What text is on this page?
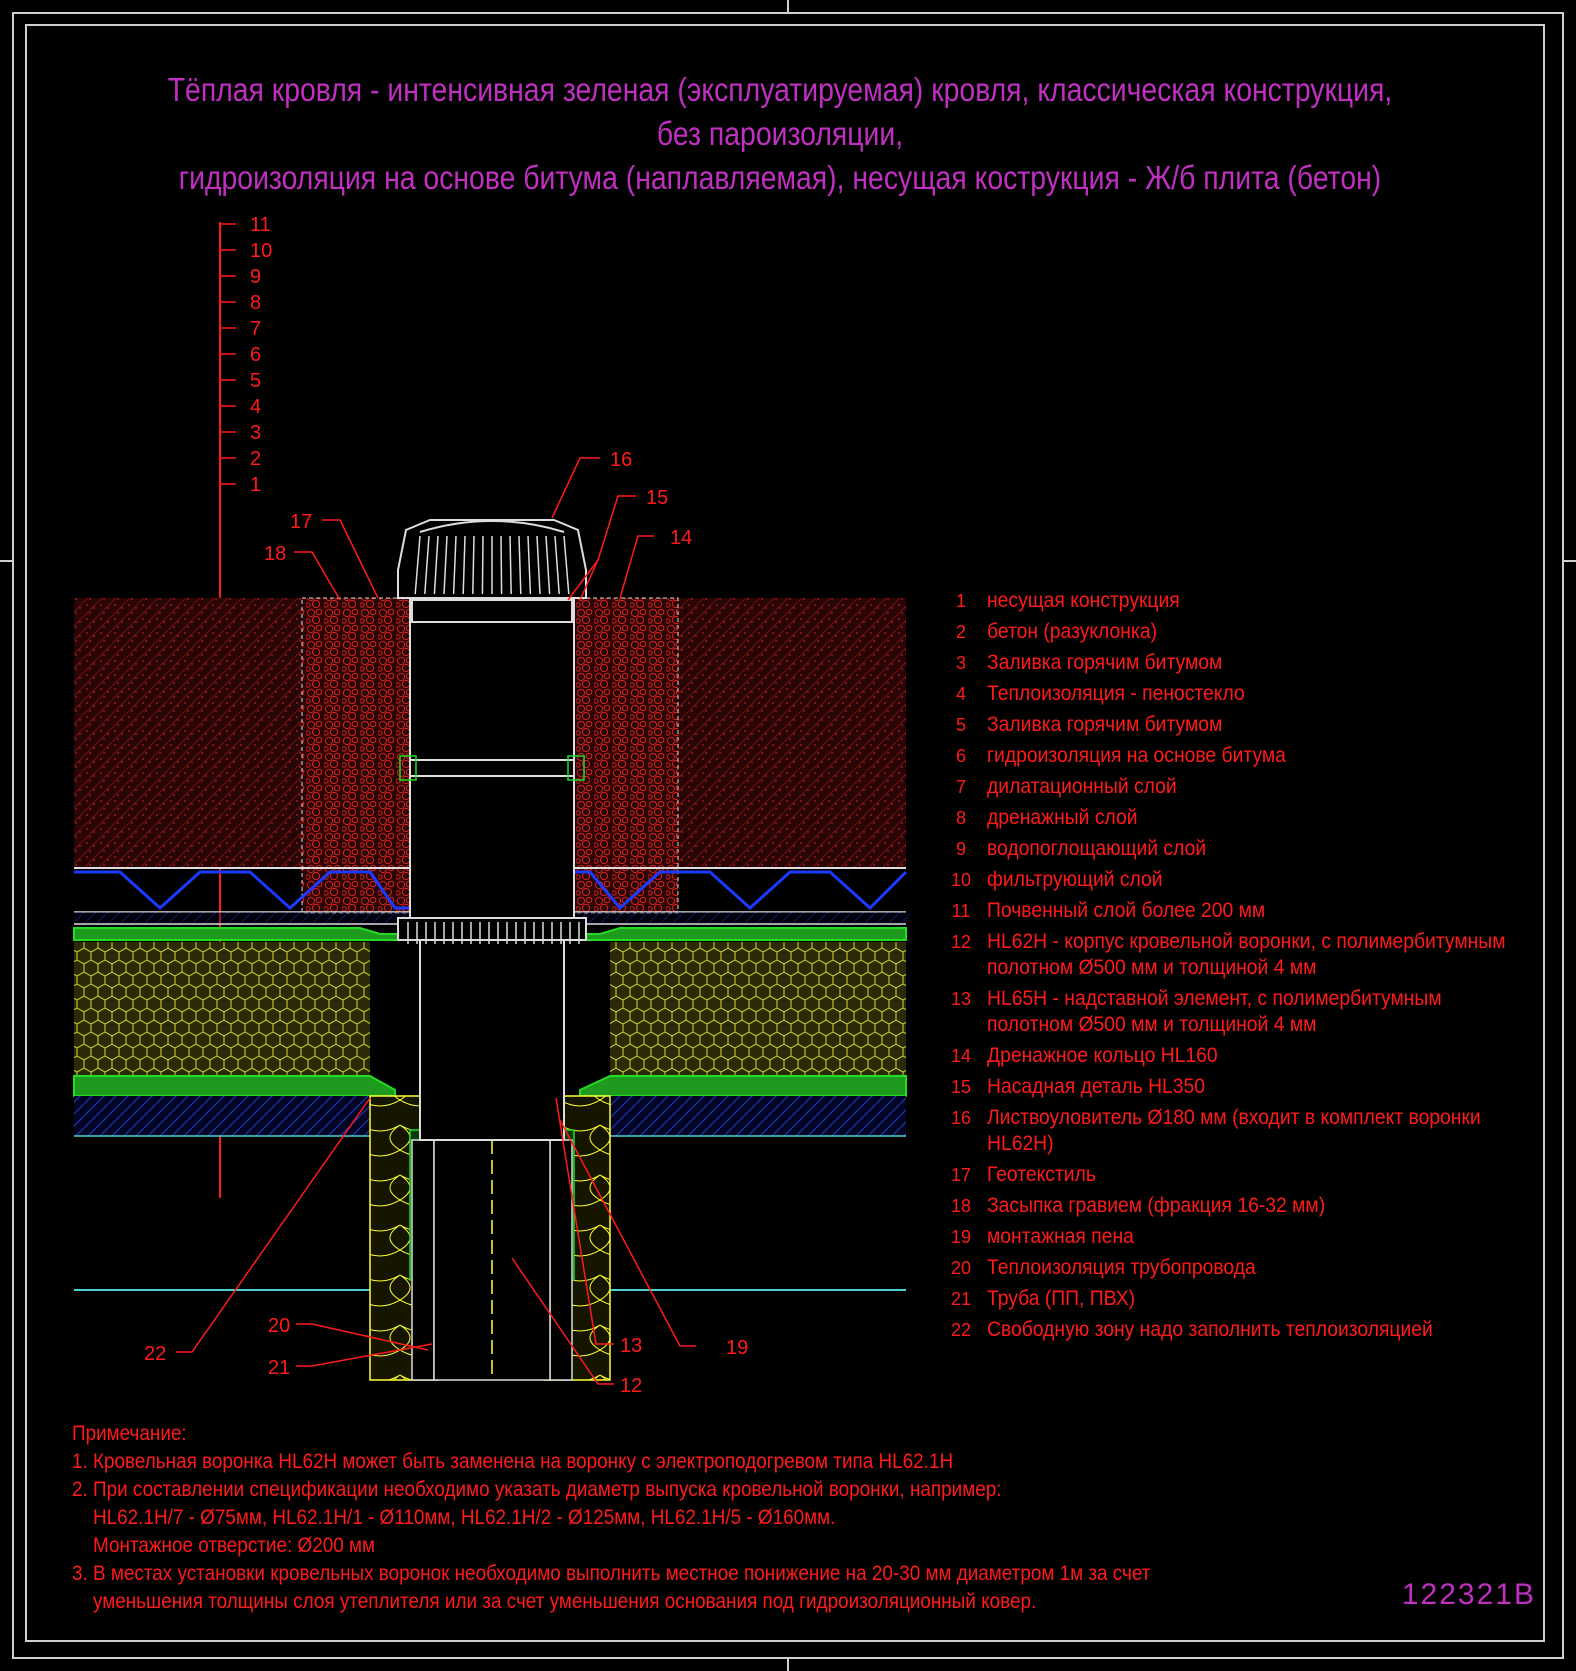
Тёплая кровля - интенсивная зеленая (эксплуатируемая) кровля, классическая конструкция, без пароизоляции,
гидроизоляция на основе битума (наплавляемая), несущая кострукция - Ж/б плита (бетон)
11
10
9
8
7
6
5
4
3
2
1
16
15
14
17
18
22
20
21
13
12
19
1	несущая конструкция
2	бетон (разуклонка)
3	Заливка горячим битумом
4	Теплоизоляция - пеностекло
5	Заливка горячим битумом
6	гидроизоляция на основе битума
7	дилатационный слой
8	дренажный слой
9	водопоглощающий слой
10 фильтрующий слой
11 Почвенный слой более 200 мм
12 HL62H - корпус кровельной воронки, с полимербитумным
полотном Ø500 мм и толщиной 4 мм
13 HL65H - надставной элемент, с полимербитумным
полотном Ø500 мм и толщиной 4 мм
14 Дренажное кольцо HL160
15 Насадная деталь HL350
16 Листвоуловитель Ø180 мм (входит в комплект воронки HL62H)
17 Геотекстиль
18 Засыпка гравием (фракция 16-32 мм)
19 монтажная пена
20 Теплоизоляция трубопровода
21 Труба (ПП, ПВХ)
22 Свободную зону надо заполнить теплоизоляцией
Примечание:
1. Кровельная воронка HL62H может быть заменена на воронку с электроподогревом типа HL62.1H
2. При составлении спецификации необходимо указать диаметр выпуска кровельной воронки, например:
HL62.1H/7 - Ø75мм, HL62.1H/1 - Ø110мм, HL62.1H/2 - Ø125мм, HL62.1H/5 - Ø160мм.
Монтажное отверстие: Ø200 мм
3. В местах установки кровельных воронок необходимо выполнить местное понижение на 20-30 мм диаметром 1м за счет
уменьшения толщины слоя утеплителя или за счет уменьшения основания под гидроизоляционный ковер.	122321B
